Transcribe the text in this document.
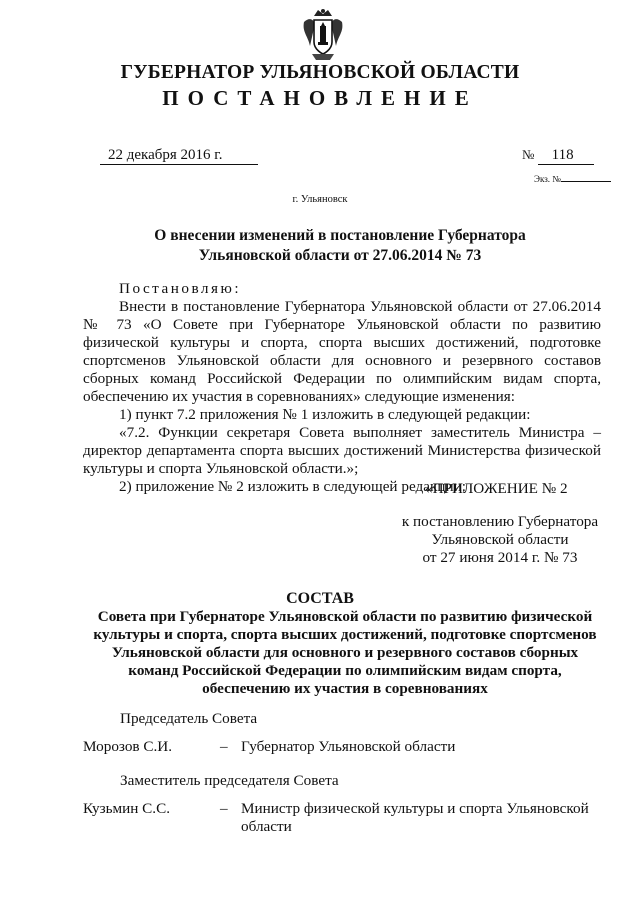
ГУБЕРНАТОР УЛЬЯНОВСКОЙ ОБЛАСТИ
ПОСТАНОВЛЕНИЕ
22 декабря 2016 г.	№ 118
Экз. №
г. Ульяновск
О внесении изменений в постановление Губернатора
Ульяновской области от 27.06.2014 № 73

Постановляю:

Внести в постановление Губернатора Ульяновской области от 27.06.2014 № 73 «О Совете при Губернаторе Ульяновской области по развитию физической культуры и спорта, спорта высших достижений, подготовке спортсменов Ульяновской области для основного и резервного составов сборных команд Российской Федерации по олимпийским видам спорта, обеспечению их участия в соревнованиях» следующие изменения:

1) пункт 7.2 приложения № 1 изложить в следующей редакции:

«7.2. Функции секретаря Совета выполняет заместитель Министра – директор департамента спорта высших достижений Министерства физической культуры и спорта Ульяновской области.»;

2) приложение № 2 изложить в следующей редакции:

«ПРИЛОЖЕНИЕ № 2
к постановлению Губернатора
Ульяновской области
от 27 июня 2014 г. № 73
СОСТАВ
Совета при Губернаторе Ульяновской области по развитию физической культуры и спорта, спорта высших достижений, подготовке спортсменов Ульяновской области для основного и резервного составов сборных команд Российской Федерации по олимпийским видам спорта, обеспечению их участия в соревнованиях
Председатель Совета
Морозов С.И.	– Губернатор Ульяновской области
Заместитель председателя Совета
Кузьмин С.С.	– Министр физической культуры и спорта Ульяновской области
